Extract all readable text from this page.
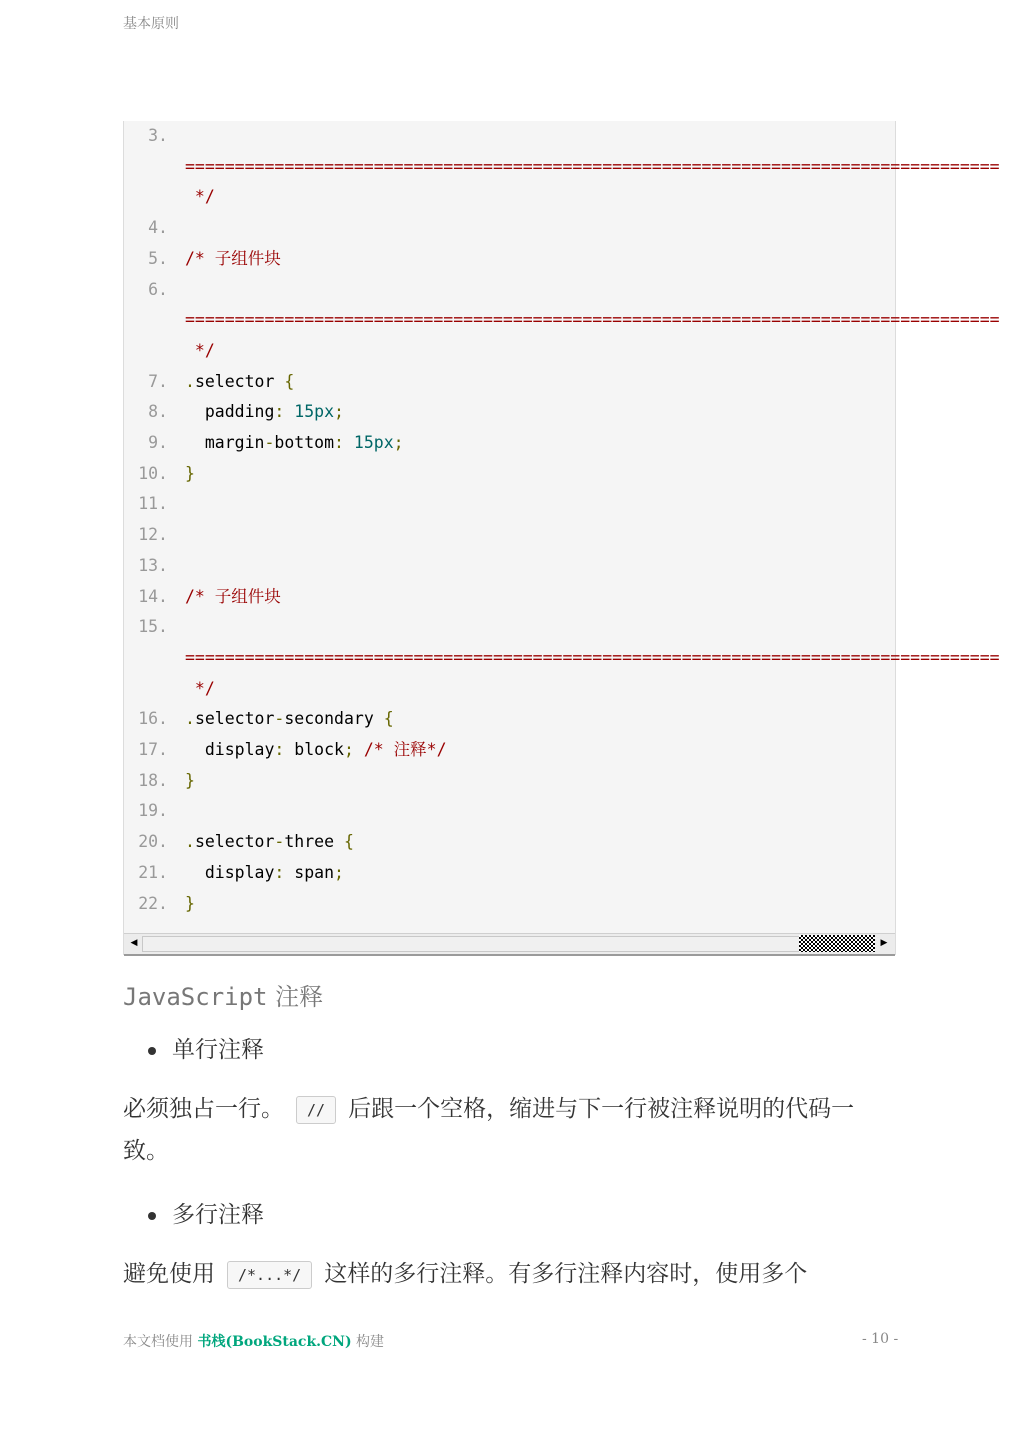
基本原则
3.
==================================================================================
*/
4.
5. /* 子组件块
6.
==================================================================================
*/
7. .selector {
8. padding: 15px;
9. margin-bottom: 15px;
10. }
11.
12.
13.
14. /* 子组件块
15.
==================================================================================
*/
16. .selector-secondary {
17. display: block; /* 注释*/
18. }
19.
20. .selector-three {
21. display: span;
22. }
◀	▶
JavaScript 注释
单行注释
必须独占一行。 // 后跟一个空格，缩进与下一行被注释说明的代码一致。
多行注释
避免使用 /*...*/ 这样的多行注释。有多行注释内容时，使用多个
本文档使用 书栈(BookStack.CN) 构建	- 10 -
